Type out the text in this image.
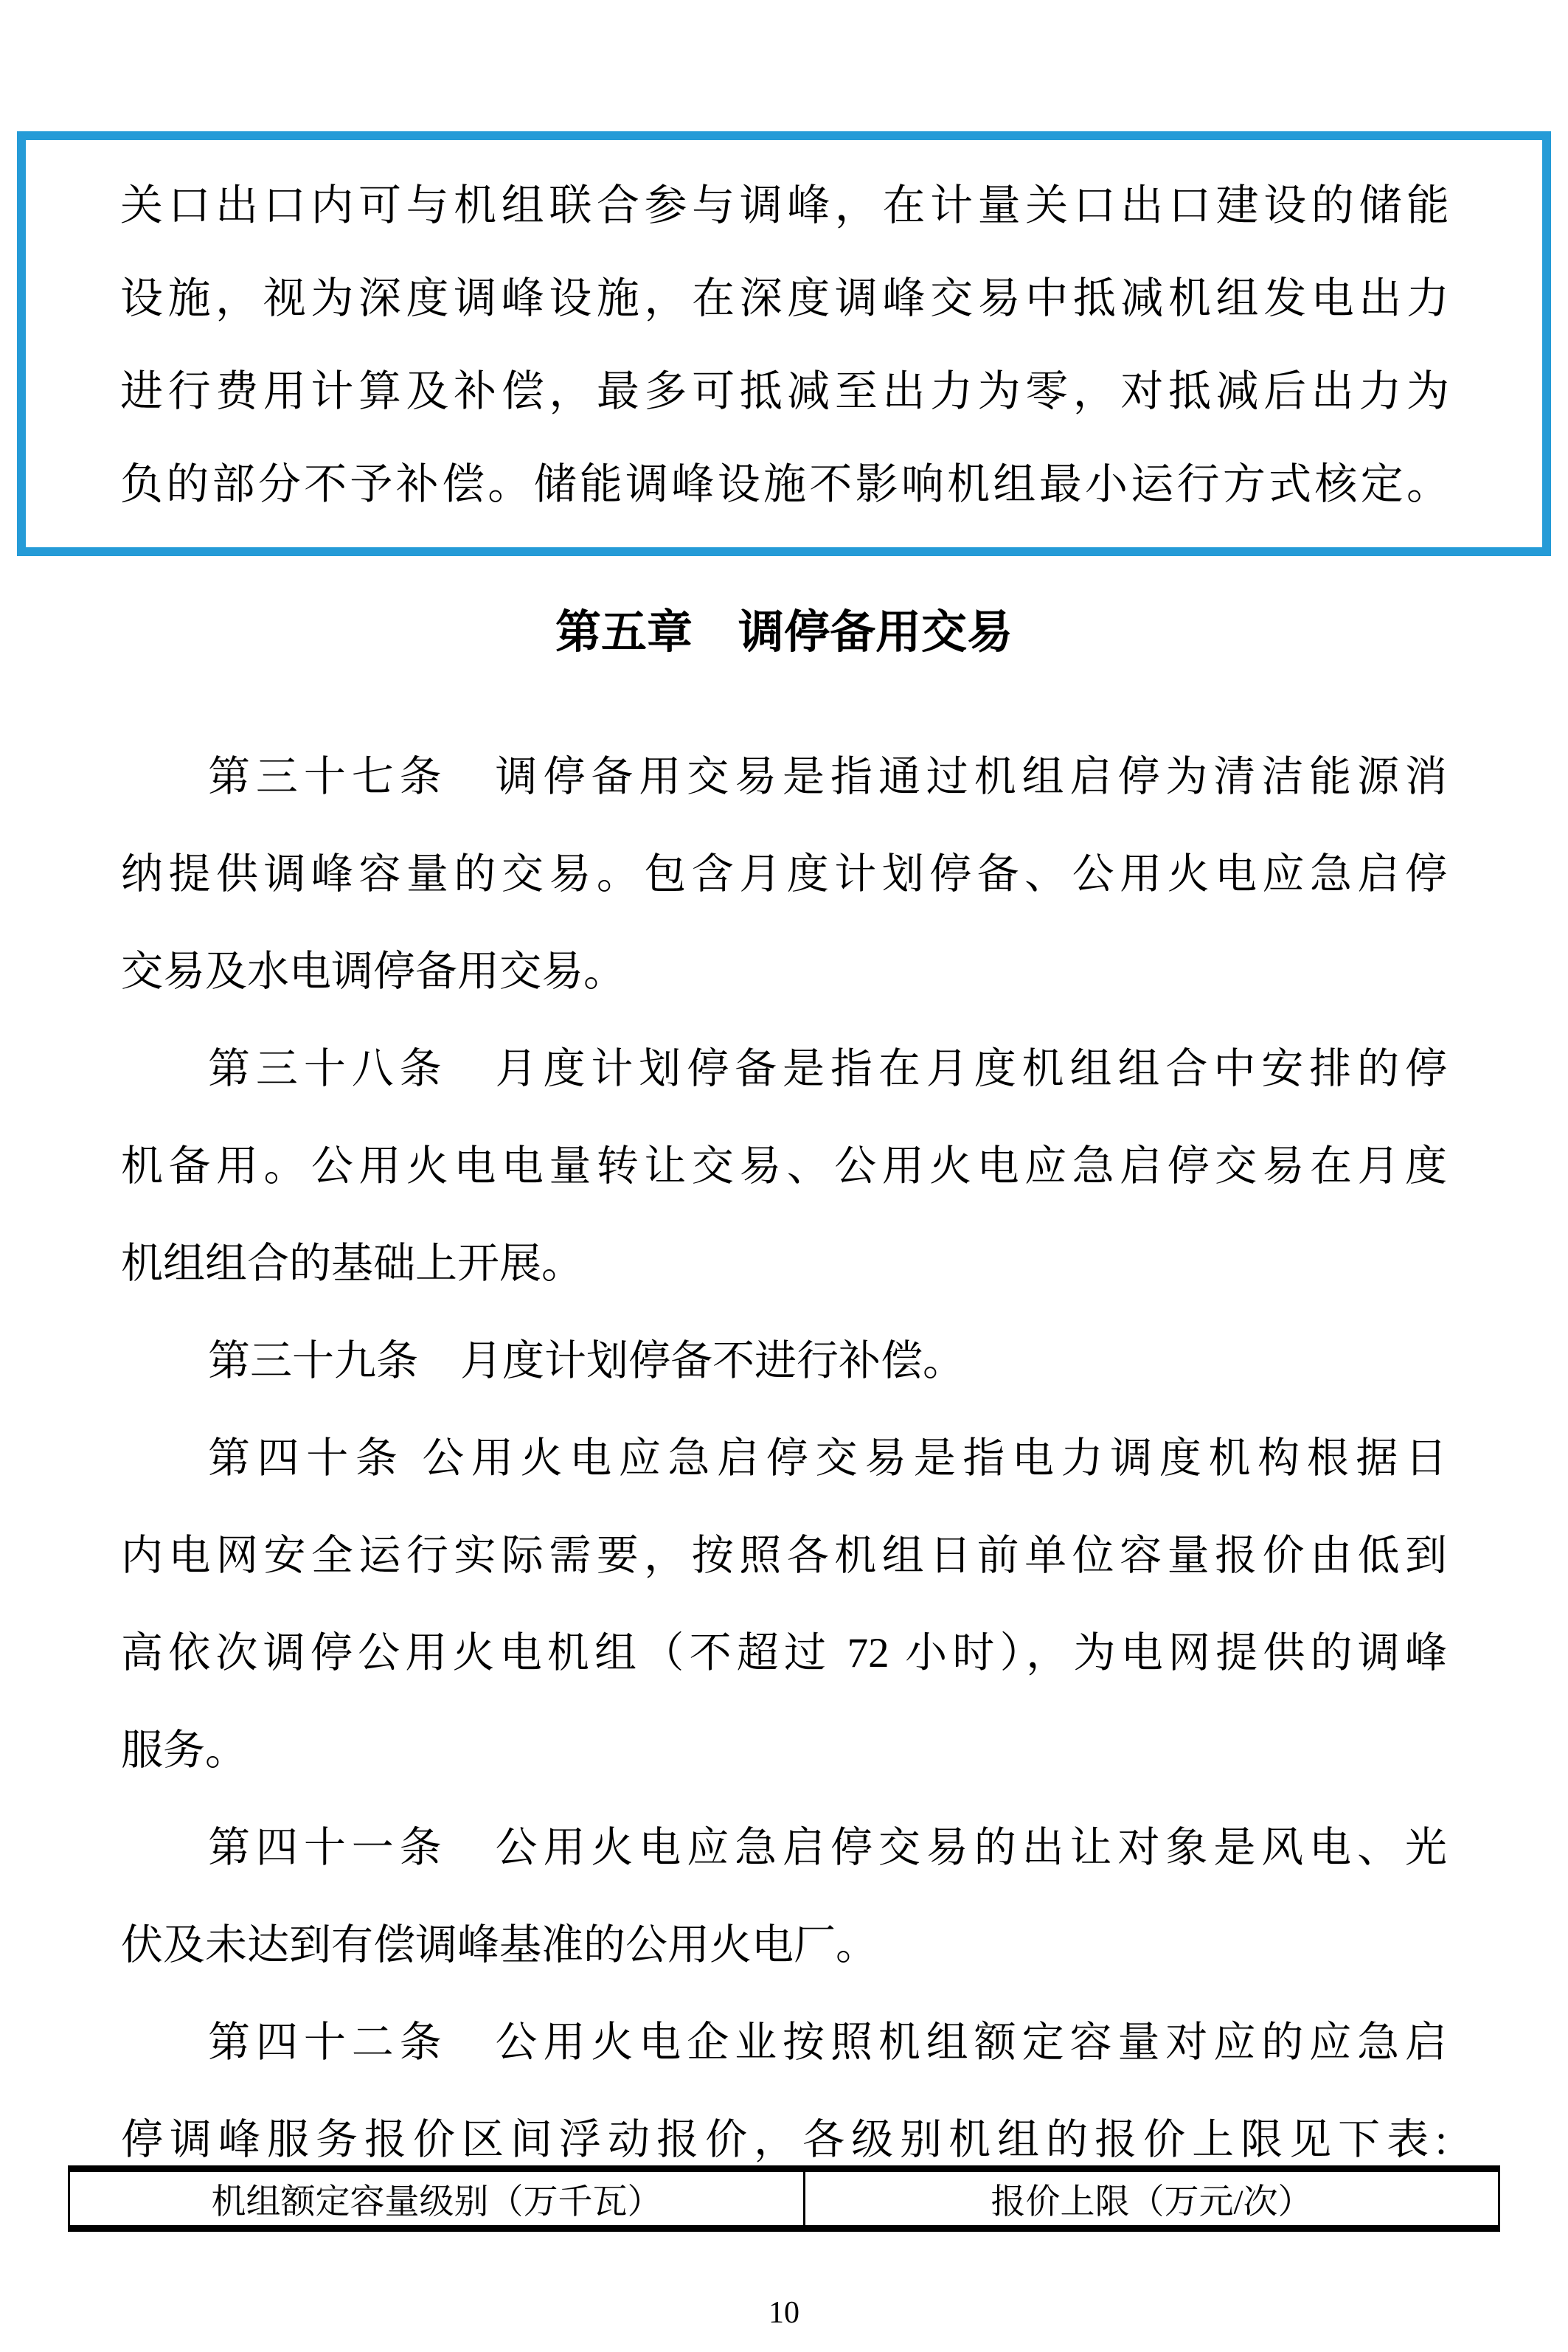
关口出口内可与机组联合参与调峰，在计量关口出口建设的储能
设施，视为深度调峰设施，在深度调峰交易中抵减机组发电出力
进行费用计算及补偿，最多可抵减至出力为零，对抵减后出力为
负的部分不予补偿。储能调峰设施不影响机组最小运行方式核定。
第五章　调停备用交易
第三十七条　调停备用交易是指通过机组启停为清洁能源消
纳提供调峰容量的交易。包含月度计划停备、公用火电应急启停
交易及水电调停备用交易。
第三十八条　月度计划停备是指在月度机组组合中安排的停
机备用。公用火电电量转让交易、公用火电应急启停交易在月度
机组组合的基础上开展。
第三十九条　月度计划停备不进行补偿。
第四十条 公用火电应急启停交易是指电力调度机构根据日
内电网安全运行实际需要，按照各机组日前单位容量报价由低到
高依次调停公用火电机组（不超过 72 小时），为电网提供的调峰
服务。
第四十一条　公用火电应急启停交易的出让对象是风电、光
伏及未达到有偿调峰基准的公用火电厂。
第四十二条　公用火电企业按照机组额定容量对应的应急启
停调峰服务报价区间浮动报价，各级别机组的报价上限见下表:
机组额定容量级别（万千瓦）	报价上限（万元/次）
10
